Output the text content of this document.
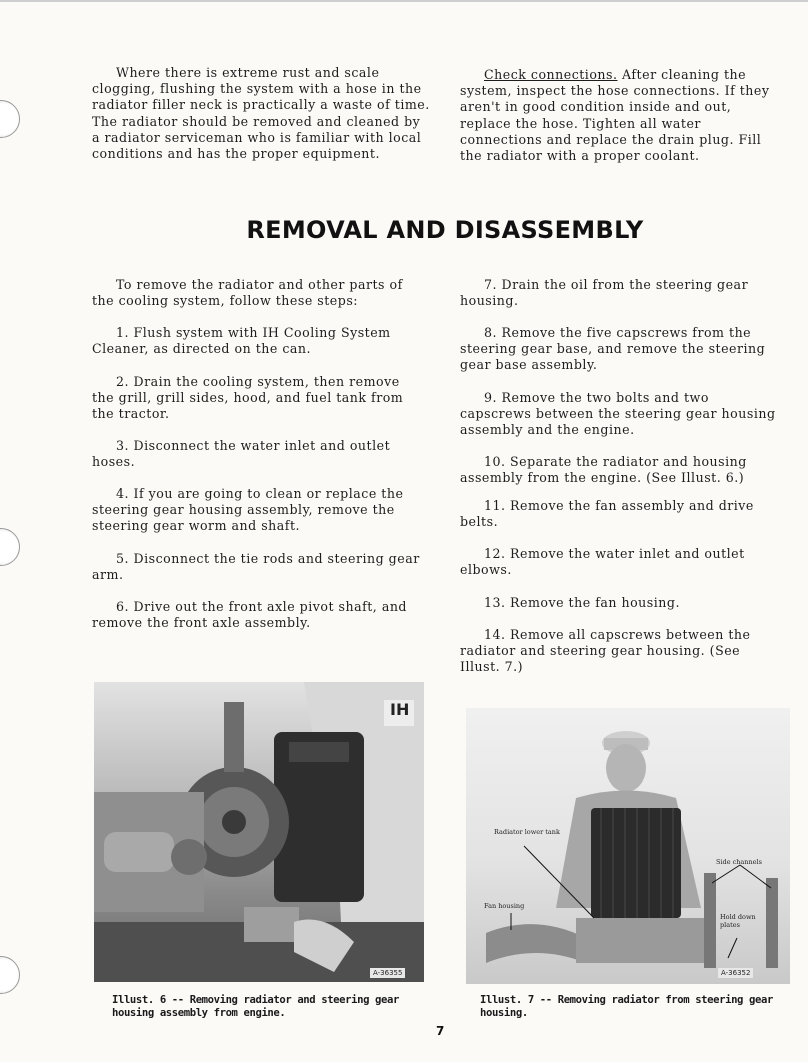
Where there is extreme rust and scale clogging, flushing the system with a hose in the radiator filler neck is practically a waste of time. The radiator should be removed and cleaned by a radiator serviceman who is familiar with local conditions and has the proper equipment.

Check connections. After cleaning the system, inspect the hose connections. If they aren't in good condition inside and out, replace the hose. Tighten all water connections and replace the drain plug. Fill the radiator with a proper coolant.

REMOVAL AND DISASSEMBLY

To remove the radiator and other parts of the cooling system, follow these steps:

1. Flush system with IH Cooling System Cleaner, as directed on the can.

2. Drain the cooling system, then remove the grill, grill sides, hood, and fuel tank from the tractor.

3. Disconnect the water inlet and outlet hoses.

4. If you are going to clean or replace the steering gear housing assembly, remove the steering gear worm and shaft.

5. Disconnect the tie rods and steering gear arm.

6. Drive out the front axle pivot shaft, and remove the front axle assembly.

7. Drain the oil from the steering gear housing.

8. Remove the five capscrews from the steering gear base, and remove the steering gear base assembly.

9. Remove the two bolts and two capscrews between the steering gear housing assembly and the engine.

10. Separate the radiator and housing assembly from the engine. (See Illust. 6.)

11. Remove the fan assembly and drive belts.

12. Remove the water inlet and outlet elbows.

13. Remove the fan housing.

14. Remove all capscrews between the radiator and steering gear housing. (See Illust. 7.)

IH
A-36355
Radiator lower tank
Fan housing
Side channels
Hold down plates
A-36352

Illust. 6 -- Removing radiator and steering gear housing assembly from engine.

Illust. 7 -- Removing radiator from steering gear housing.

7
